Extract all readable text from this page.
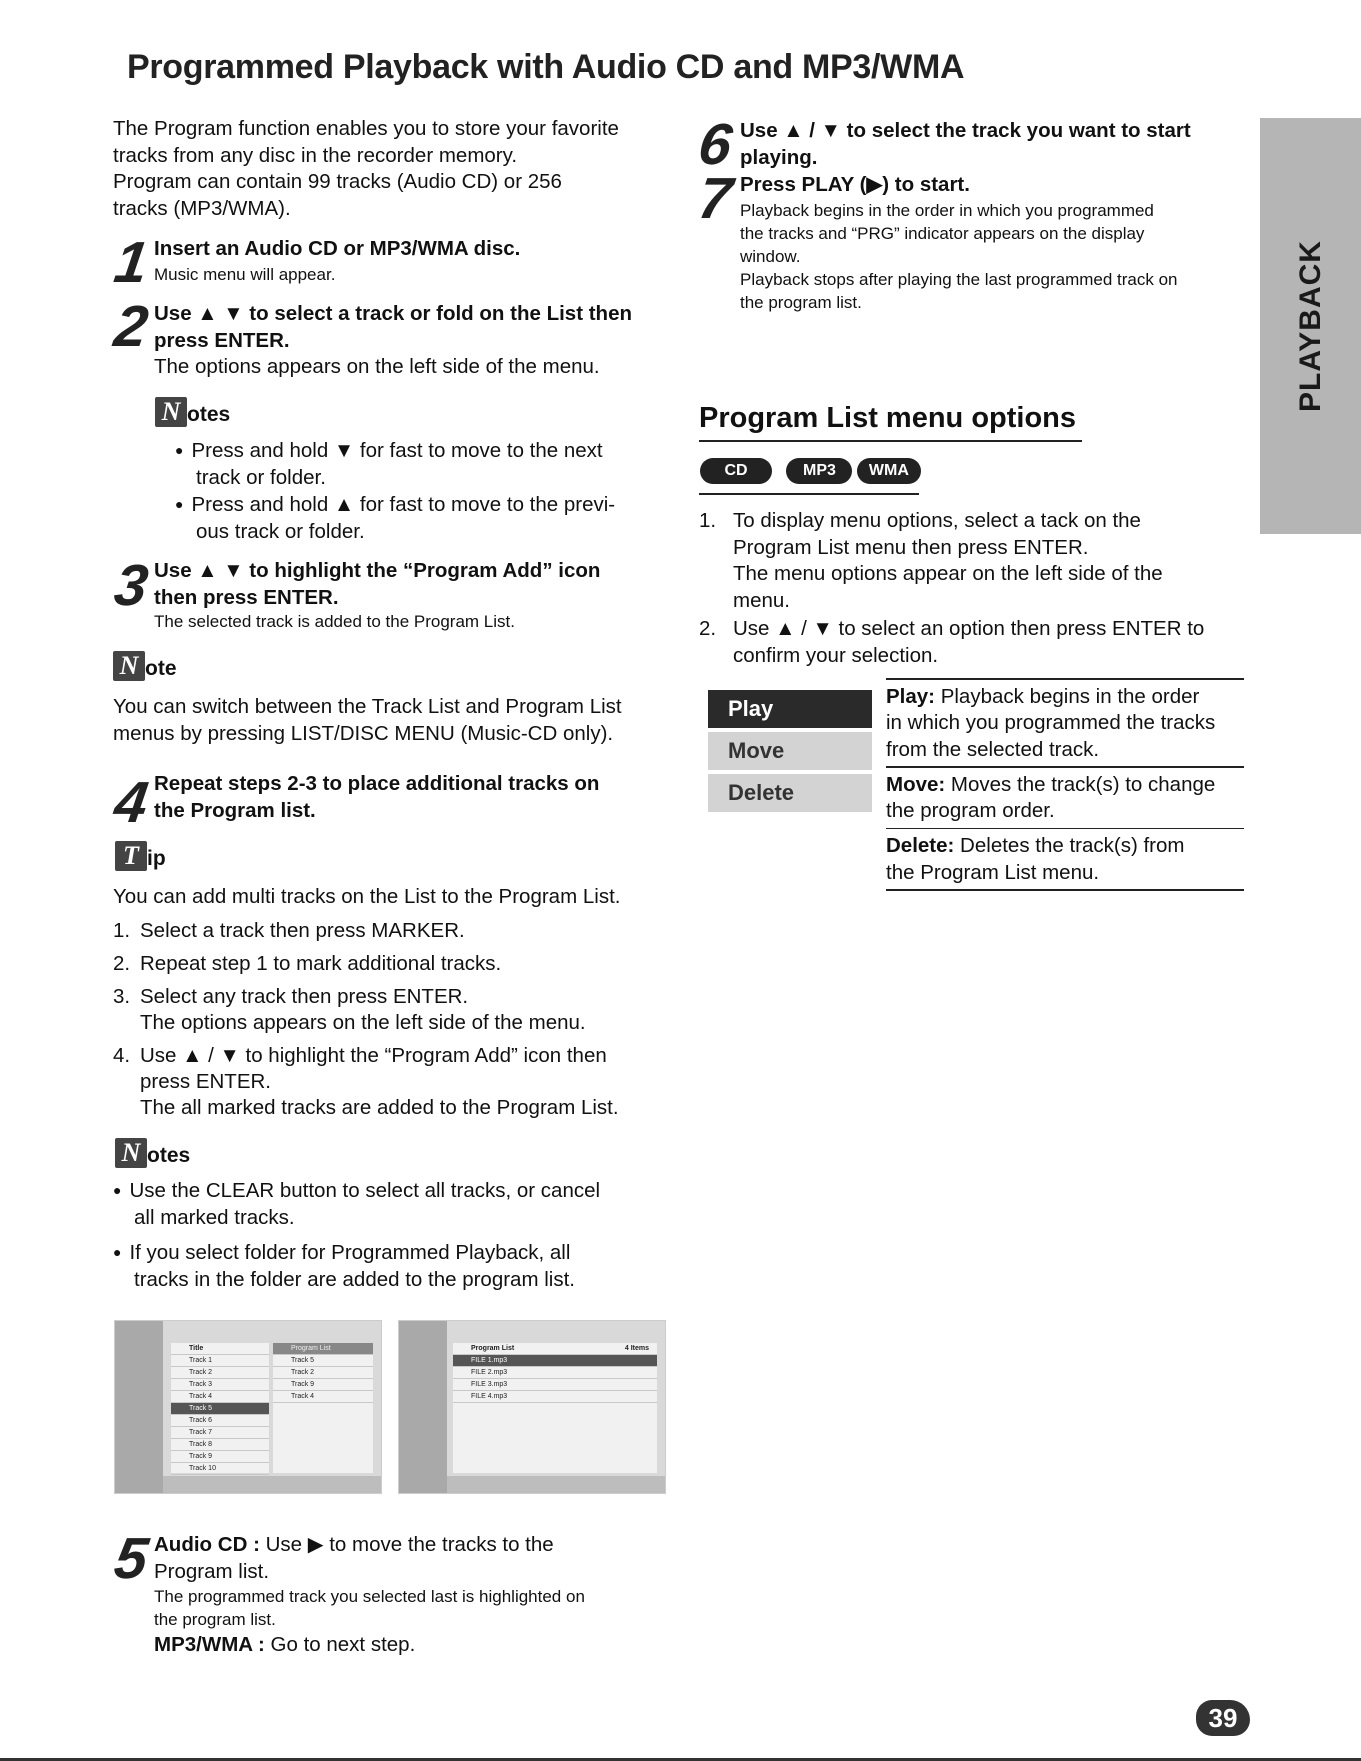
Programmed Playback with Audio CD and MP3/WMA
PLAYBACK
The Program function enables you to store your favorite
tracks from any disc in the recorder memory.
Program can contain 99 tracks (Audio CD) or 256
tracks (MP3/WMA).
1 Insert an Audio CD or MP3/WMA disc.
Music menu will appear.
2 Use ▲ ▼ to select a track or fold on the List then
press ENTER.
The options appears on the left side of the menu.
N otes
● Press and hold ▼ for fast to move to the next
track or folder.
● Press and hold ▲ for fast to move to the previ-
ous track or folder.
3 Use ▲ ▼ to highlight the “Program Add” icon
then press ENTER.
The selected track is added to the Program List.
N ote
You can switch between the Track List and Program List
menus by pressing LIST/DISC MENU (Music-CD only).
4 Repeat steps 2-3 to place additional tracks on
the Program list.
T ip
You can add multi tracks on the List to the Program List.
1. Select a track then press MARKER.
2. Repeat step 1 to mark additional tracks.
3. Select any track then press ENTER.
The options appears on the left side of the menu.
4. Use ▲ / ▼ to highlight the “Program Add” icon then
press ENTER.
The all marked tracks are added to the Program List.
N otes
● Use the CLEAR button to select all tracks, or cancel
all marked tracks.
● If you select folder for Programmed Playback, all
tracks in the folder are added to the program list.
Title
Track 1
Track 2
Track 3
Track 4
Track 5
Track 6
Track 7
Track 8
Track 9
Track 10
Program List
Track 5
Track 2
Track 9
Track 4
Program List	4 Items
FILE 1.mp3
FILE 2.mp3
FILE 3.mp3
FILE 4.mp3
5 Audio CD : Use ▶ to move the tracks to the
Program list.
The programmed track you selected last is highlighted on
the program list.
MP3/WMA : Go to next step.
6 Use ▲ / ▼ to select the track you want to start
playing.
7 Press PLAY (▶) to start.
Playback begins in the order in which you programmed
the tracks and “PRG” indicator appears on the display
window.
Playback stops after playing the last programmed track on
the program list.
Program List menu options
CD	MP3 WMA
1. To display menu options, select a tack on the
Program List menu then press ENTER.
The menu options appear on the left side of the
menu.
2. Use ▲ / ▼ to select an option then press ENTER to
confirm your selection.
Play
Move
Delete
Play: Playback begins in the order
in which you programmed the tracks
from the selected track.
Move: Moves the track(s) to change
the program order.
Delete: Deletes the track(s) from
the Program List menu.
39
